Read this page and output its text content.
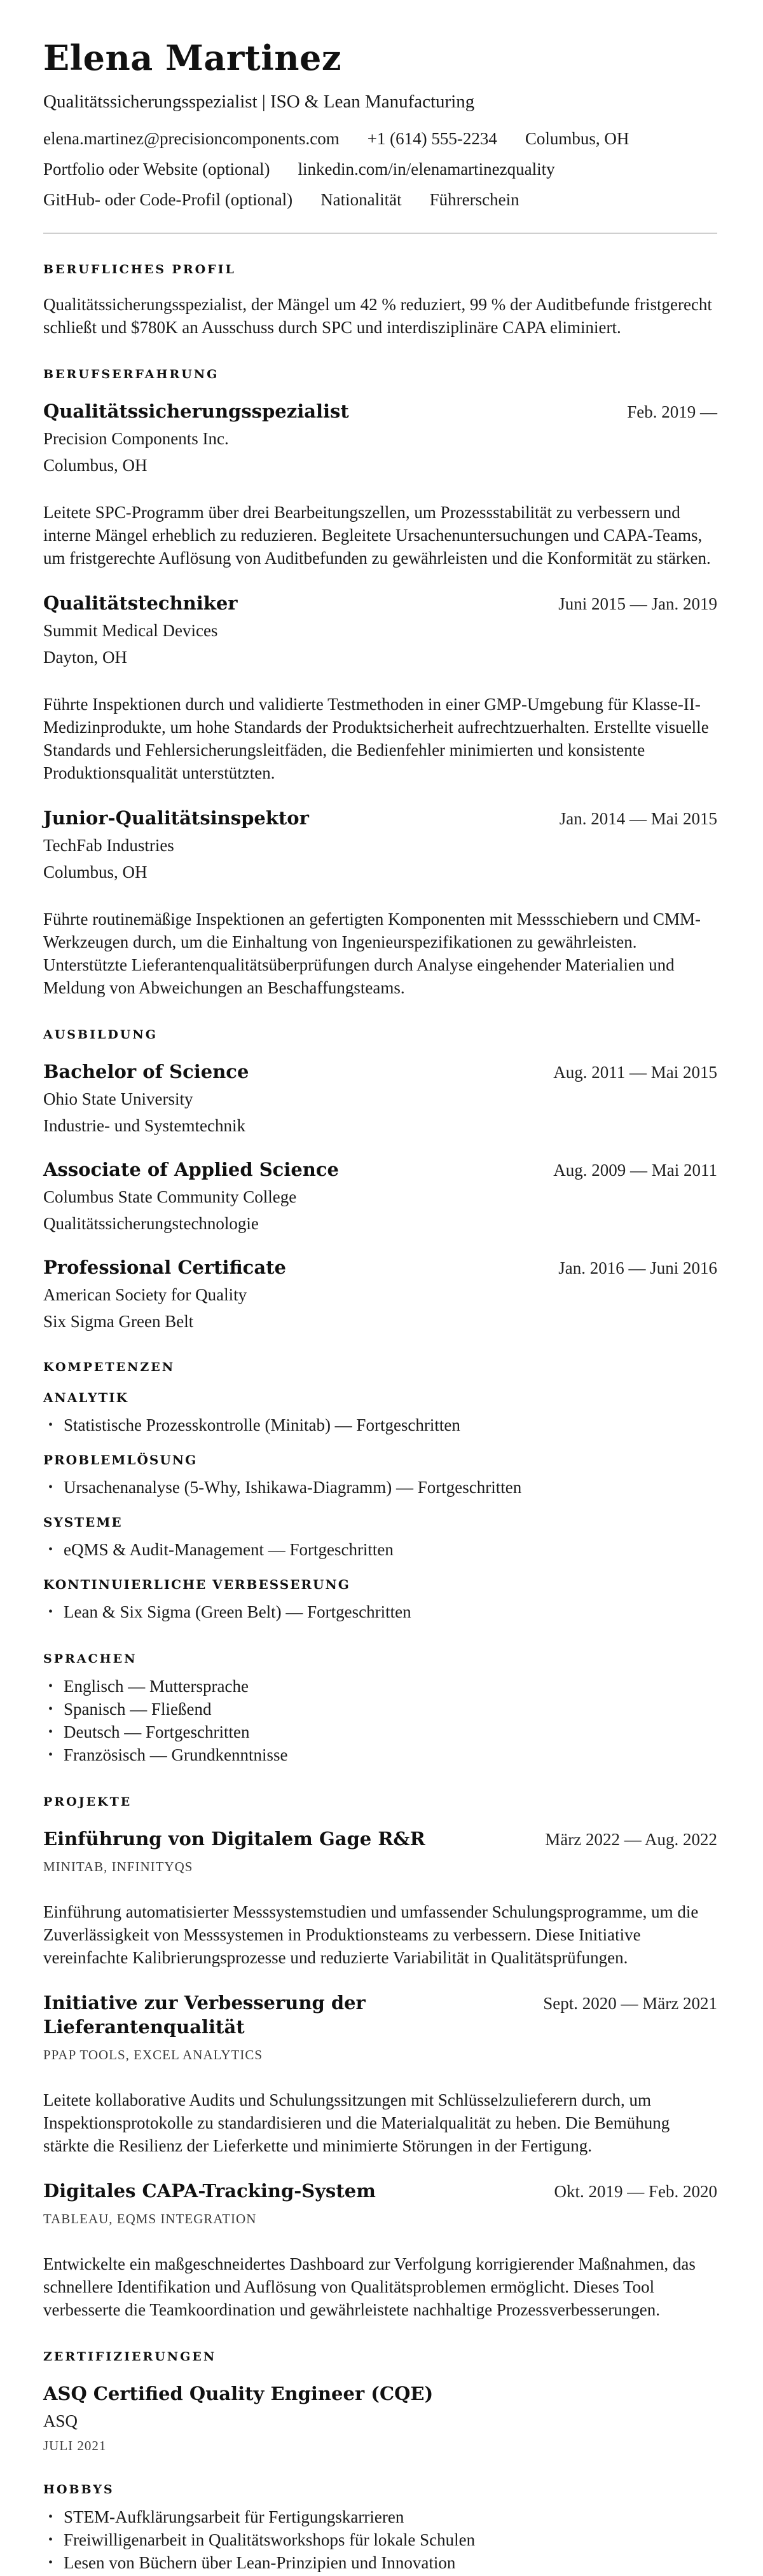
Elena Martinez
Qualitätssicherungsspezialist | ISO & Lean Manufacturing
elena.martinez@precisioncomponents.com +1 (614) 555-2234 Columbus, OH
Portfolio oder Website (optional) linkedin.com/in/elenamartinezquality
GitHub- oder Code-Profil (optional) Nationalität Führerschein
BERUFLICHES PROFIL
Qualitätssicherungsspezialist, der Mängel um 42 % reduziert, 99 % der Auditbefunde fristgerecht schließt und $780K an Ausschuss durch SPC und interdisziplinäre CAPA eliminiert.
BERUFSERFAHRUNG
Qualitätssicherungsspezialist	Feb. 2019 —
Precision Components Inc.
Columbus, OH
Leitete SPC-Programm über drei Bearbeitungszellen, um Prozessstabilität zu verbessern und interne Mängel erheblich zu reduzieren. Begleitete Ursachenuntersuchungen und CAPA-Teams, um fristgerechte Auflösung von Auditbefunden zu gewährleisten und die Konformität zu stärken.
Qualitätstechniker	Juni 2015 — Jan. 2019
Summit Medical Devices
Dayton, OH
Führte Inspektionen durch und validierte Testmethoden in einer GMP-Umgebung für Klasse-II-Medizinprodukte, um hohe Standards der Produktsicherheit aufrechtzuerhalten. Erstellte visuelle Standards und Fehlersicherungsleitfäden, die Bedienfehler minimierten und konsistente Produktionsqualität unterstützten.
Junior-Qualitätsinspektor	Jan. 2014 — Mai 2015
TechFab Industries
Columbus, OH
Führte routinemäßige Inspektionen an gefertigten Komponenten mit Messschiebern und CMM-Werkzeugen durch, um die Einhaltung von Ingenieurspezifikationen zu gewährleisten. Unterstützte Lieferantenqualitätsüberprüfungen durch Analyse eingehender Materialien und Meldung von Abweichungen an Beschaffungsteams.
AUSBILDUNG
Bachelor of Science	Aug. 2011 — Mai 2015
Ohio State University
Industrie- und Systemtechnik
Associate of Applied Science	Aug. 2009 — Mai 2011
Columbus State Community College
Qualitätssicherungstechnologie
Professional Certificate	Jan. 2016 — Juni 2016
American Society for Quality
Six Sigma Green Belt
KOMPETENZEN
ANALYTIK
• Statistische Prozesskontrolle (Minitab) — Fortgeschritten
PROBLEMLÖSUNG
• Ursachenanalyse (5-Why, Ishikawa-Diagramm) — Fortgeschritten
SYSTEME
• eQMS & Audit-Management — Fortgeschritten
KONTINUIERLICHE VERBESSERUNG
• Lean & Six Sigma (Green Belt) — Fortgeschritten
SPRACHEN
• Englisch — Muttersprache
• Spanisch — Fließend
• Deutsch — Fortgeschritten
• Französisch — Grundkenntnisse
PROJEKTE
Einführung von Digitalem Gage R&R	März 2022 — Aug. 2022
MINITAB, INFINITYQS
Einführung automatisierter Messsystemstudien und umfassender Schulungsprogramme, um die Zuverlässigkeit von Messsystemen in Produktionsteams zu verbessern. Diese Initiative vereinfachte Kalibrierungsprozesse und reduzierte Variabilität in Qualitätsprüfungen.
Initiative zur Verbesserung der Lieferantenqualität
Sept. 2020 — März 2021
PPAP TOOLS, EXCEL ANALYTICS
Leitete kollaborative Audits und Schulungssitzungen mit Schlüsselzulieferern durch, um Inspektionsprotokolle zu standardisieren und die Materialqualität zu heben. Die Bemühung stärkte die Resilienz der Lieferkette und minimierte Störungen in der Fertigung.
Digitales CAPA-Tracking-System	Okt. 2019 — Feb. 2020
TABLEAU, EQMS INTEGRATION
Entwickelte ein maßgeschneidertes Dashboard zur Verfolgung korrigierender Maßnahmen, das schnellere Identifikation und Auflösung von Qualitätsproblemen ermöglicht. Dieses Tool verbesserte die Teamkoordination und gewährleistete nachhaltige Prozessverbesserungen.
ZERTIFIZIERUNGEN
ASQ Certified Quality Engineer (CQE)
ASQ
JULI 2021
HOBBYS
• STEM-Aufklärungsarbeit für Fertigungskarrieren
• Freiwilligenarbeit in Qualitätsworkshops für lokale Schulen
• Lesen von Büchern über Lean-Prinzipien und Innovation
